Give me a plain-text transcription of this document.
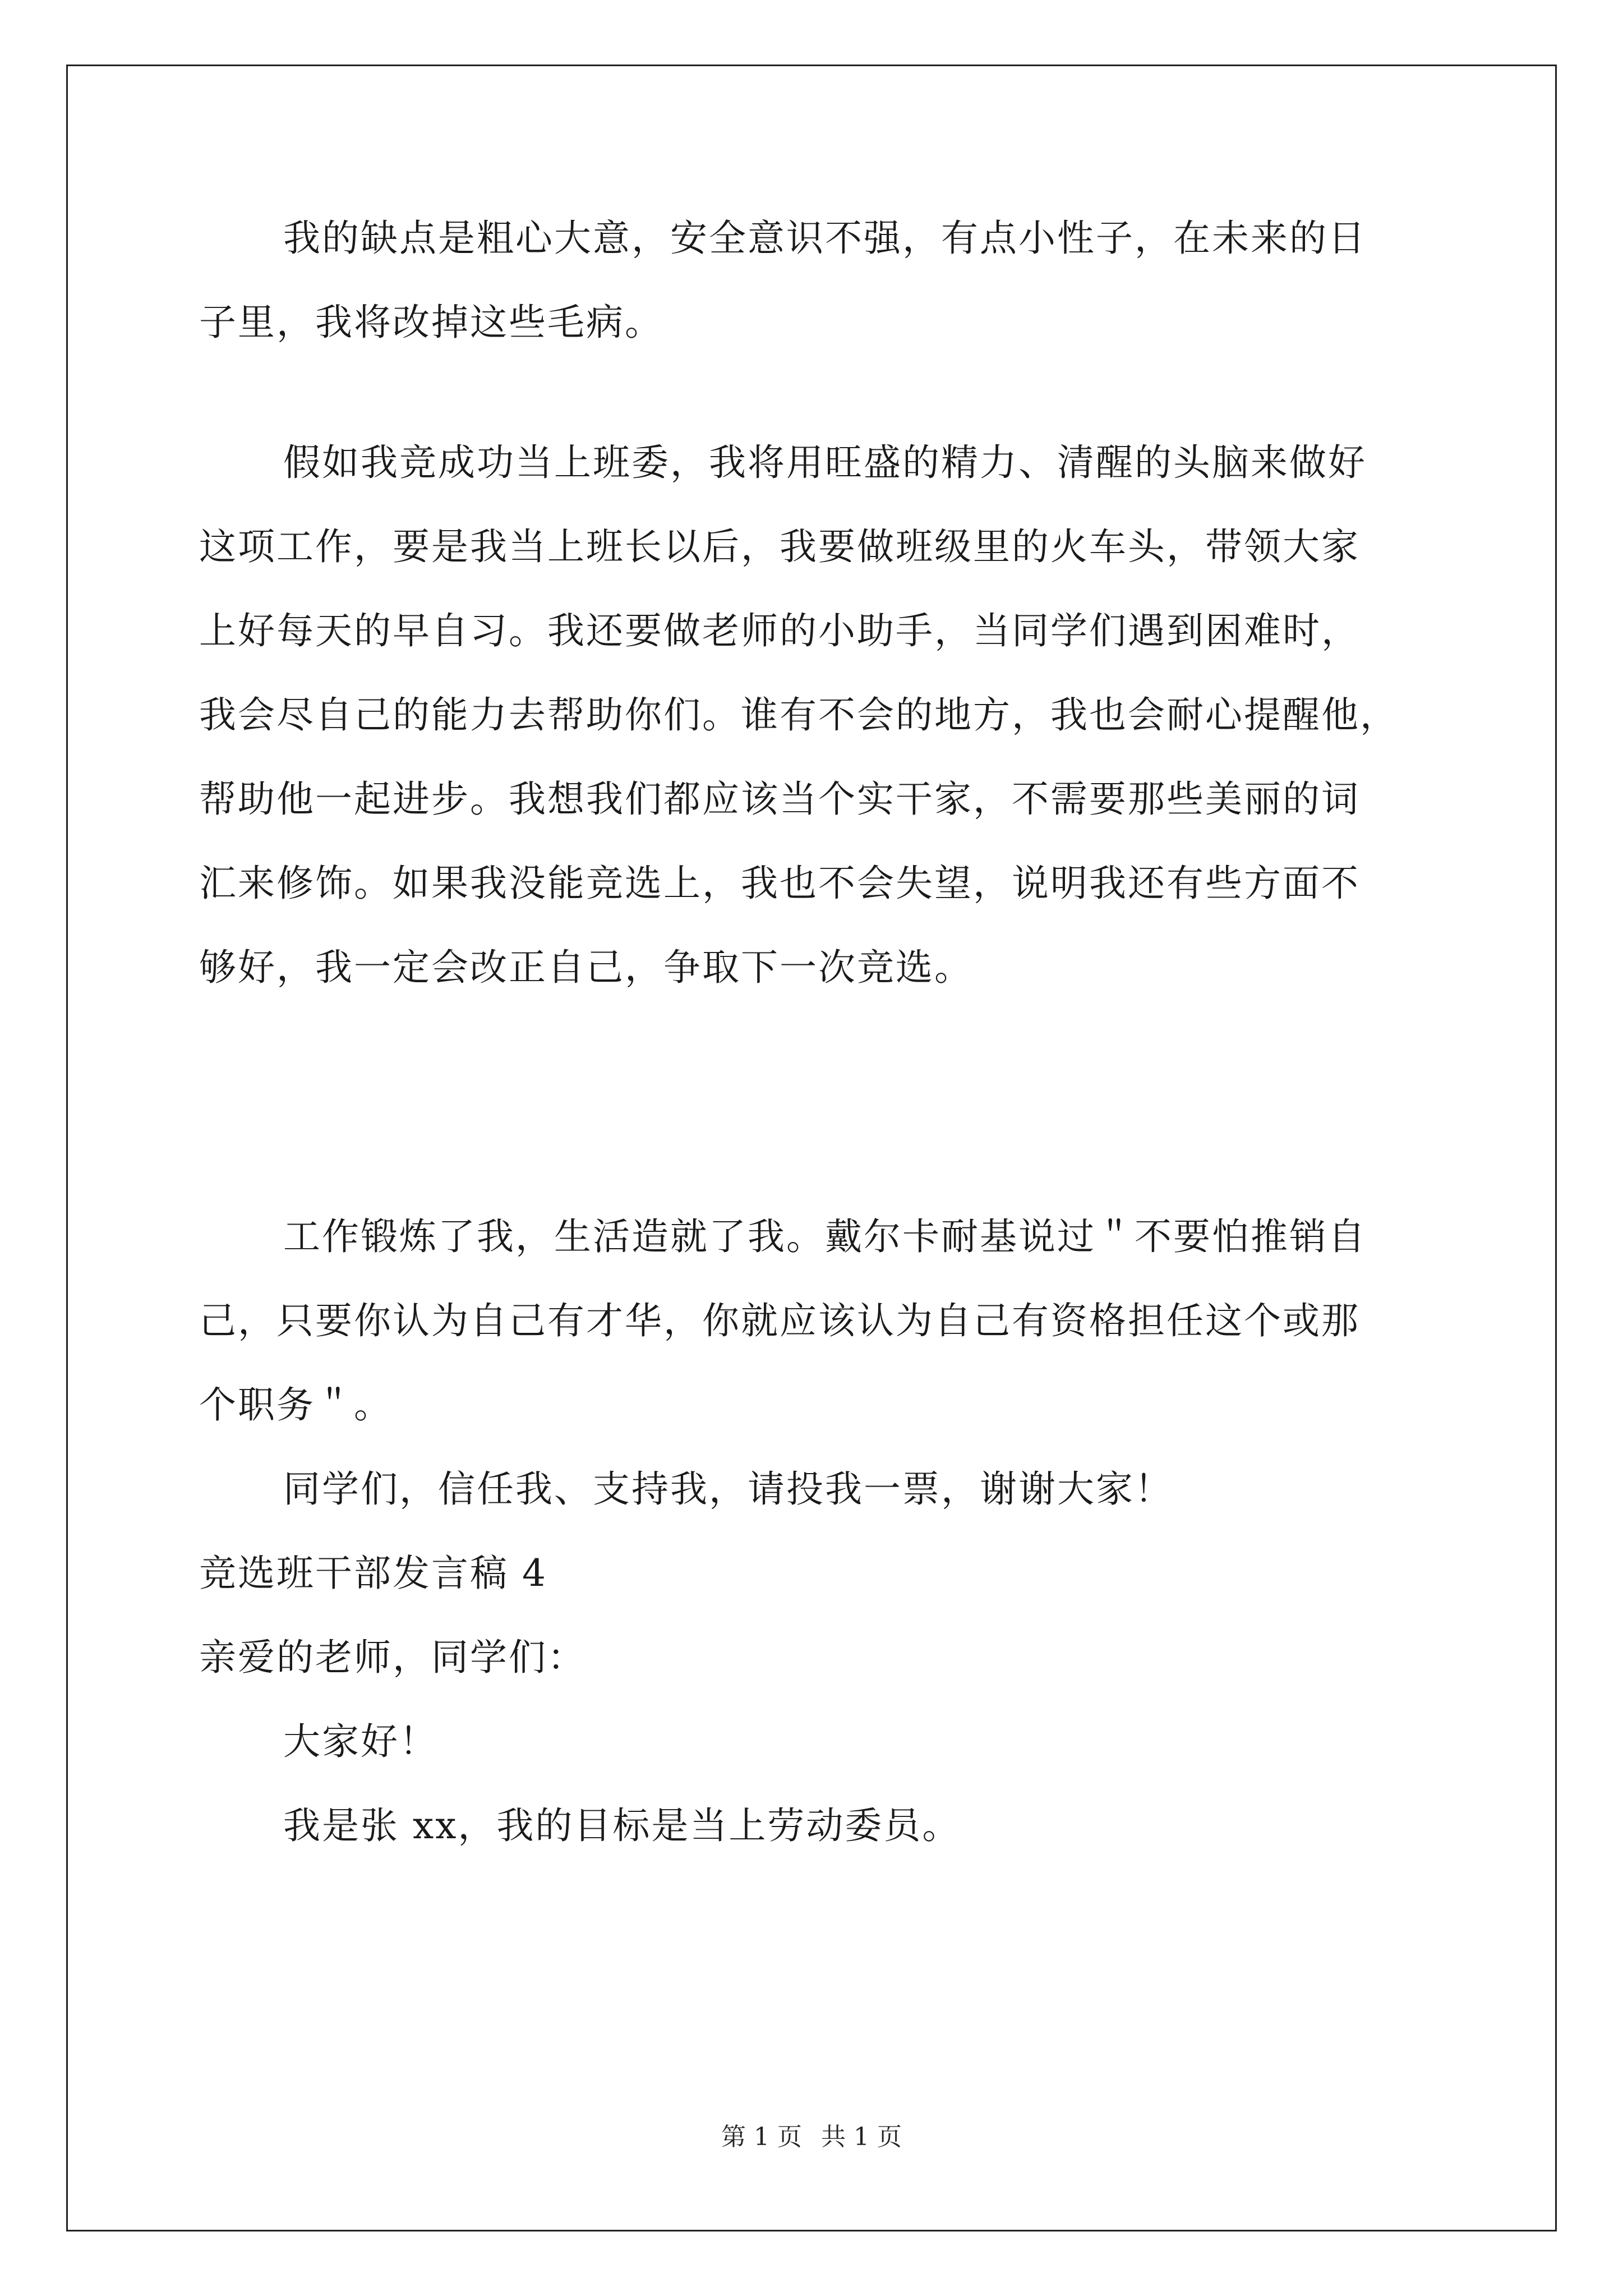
我的缺点是粗心大意，安全意识不强，有点小性子，在未来的日
子里，我将改掉这些毛病。
假如我竞成功当上班委，我将用旺盛的精力、清醒的头脑来做好
这项工作，要是我当上班长以后，我要做班级里的火车头，带领大家
上好每天的早自习。我还要做老师的小助手，当同学们遇到困难时，
我会尽自己的能力去帮助你们。谁有不会的地方，我也会耐心提醒他，
帮助他一起进步。我想我们都应该当个实干家，不需要那些美丽的词
汇来修饰。如果我没能竞选上，我也不会失望，说明我还有些方面不
够好，我一定会改正自己，争取下一次竞选。
工作锻炼了我，生活造就了我。戴尔卡耐基说过＂不要怕推销自
己，只要你认为自己有才华，你就应该认为自己有资格担任这个或那
个职务＂。
同学们，信任我、支持我，请投我一票，谢谢大家！
竞选班干部发言稿 4
亲爱的老师，同学们：
大家好！
我是张 xx，我的目标是当上劳动委员。
第 1 页 共 1 页
